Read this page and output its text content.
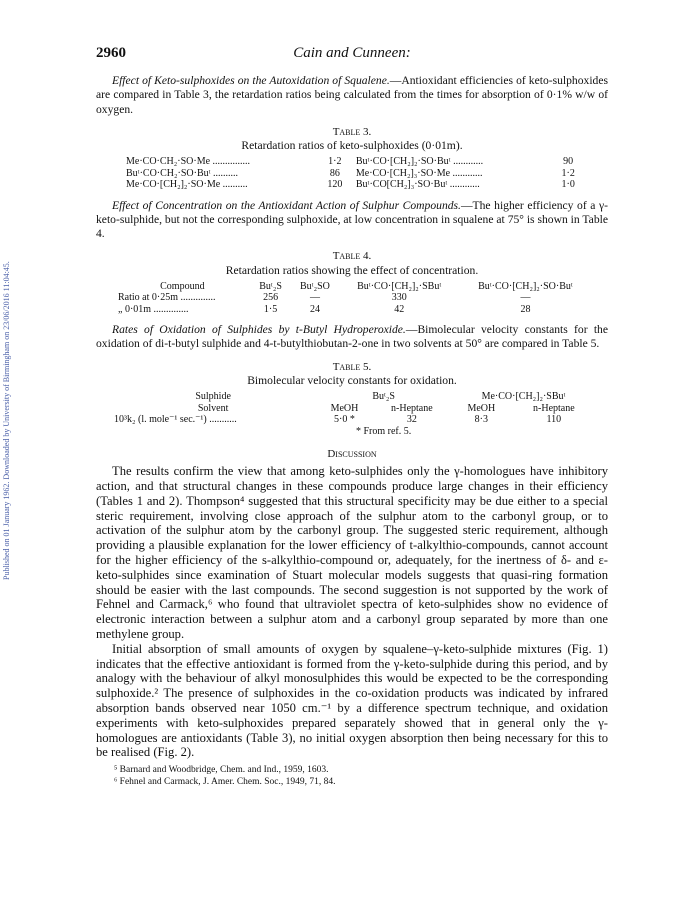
Published on 01 January 1962. Downloaded by University of Birmingham on 23/06/2016 11:04:45.
2960	Cain and Cunneen:

Effect of Keto-sulphoxides on the Autoxidation of Squalene.—Antioxidant efficiencies of keto-sulphoxides are compared in Table 3, the retardation ratios being calculated from the times for absorption of 0·1% w/w of oxygen.

Table 3.
Retardation ratios of keto-sulphoxides (0·01m).
Me·CO·CH₂·SO·Me ...............	1·2	Buᵗ·CO·[CH₂]₂·SO·Buᵗ ............	90
Buᵗ·CO·CH₂·SO·Buᵗ ..........	86	Me·CO·[CH₂]₃·SO·Me ............	1·2
Me·CO·[CH₂]₂·SO·Me ..........	120	Buᵗ·CO[CH₂]₃·SO·Buᵗ ............	1·0

Effect of Concentration on the Antioxidant Action of Sulphur Compounds.—The higher efficiency of a γ-keto-sulphide, but not the corresponding sulphoxide, at low concentration in squalene at 75° is shown in Table 4.

Table 4.
Retardation ratios showing the effect of concentration.
Compound	Buᵗ₂S	Buᵗ₂SO	Buᵗ·CO·[CH₂]₂·SBuᵗ	Buᵗ·CO·[CH₂]₂·SO·Buᵗ
Ratio at 0·25m ..............	256	—	330	—
„ 0·01m ..............	1·5	24	42	28

Rates of Oxidation of Sulphides by t-Butyl Hydroperoxide.—Bimolecular velocity constants for the oxidation of di-t-butyl sulphide and 4-t-butylthiobutan-2-one in two solvents at 50° are compared in Table 5.

Table 5.
Bimolecular velocity constants for oxidation.
Sulphide	Buᵗ₂S		Me·CO·[CH₂]₂·SBuᵗ	
Solvent	MeOH	n-Heptane	MeOH	n-Heptane
10³k₂ (l. mole⁻¹ sec.⁻¹) ...........	5·0 *	32	8·3	110
	* From ref. 5.			
Discussion

The results confirm the view that among keto-sulphides only the γ-homologues have inhibitory action, and that structural changes in these compounds produce large changes in their efficiency (Tables 1 and 2). Thompson⁴ suggested that this structural specificity may be due either to a special steric requirement, involving close approach of the sulphur atom to the carbonyl group, or to activation of the sulphur atom by the carbonyl group. The suggested steric requirement, although providing a plausible explanation for the lower efficiency of t-alkylthio-compounds, cannot account for the higher efficiency of the s-alkylthio-compound or, adequately, for the inertness of δ- and ε-keto-sulphides since examination of Stuart molecular models suggests that quasi-ring formation should be easier with the last compounds. The second suggestion is not supported by the work of Fehnel and Carmack,⁶ who found that ultraviolet spectra of keto-sulphides show no evidence of electronic interaction between a sulphur atom and a carbonyl group separated by more than one methylene group.

Initial absorption of small amounts of oxygen by squalene–γ-keto-sulphide mixtures (Fig. 1) indicates that the effective antioxidant is formed from the γ-keto-sulphide during this period, and by analogy with the behaviour of alkyl monosulphides this would be expected to be the corresponding sulphoxide.² The presence of sulphoxides in the co-oxidation products was indicated by infrared absorption bands observed near 1050 cm.⁻¹ by a difference spectrum technique, and oxidation experiments with keto-sulphoxides prepared separately showed that in general only the γ-homologues are antioxidants (Table 3), no initial oxygen absorption then being necessary for this to be realised (Fig. 2).

⁵ Barnard and Woodbridge, Chem. and Ind., 1959, 1603.
⁶ Fehnel and Carmack, J. Amer. Chem. Soc., 1949, 71, 84.
